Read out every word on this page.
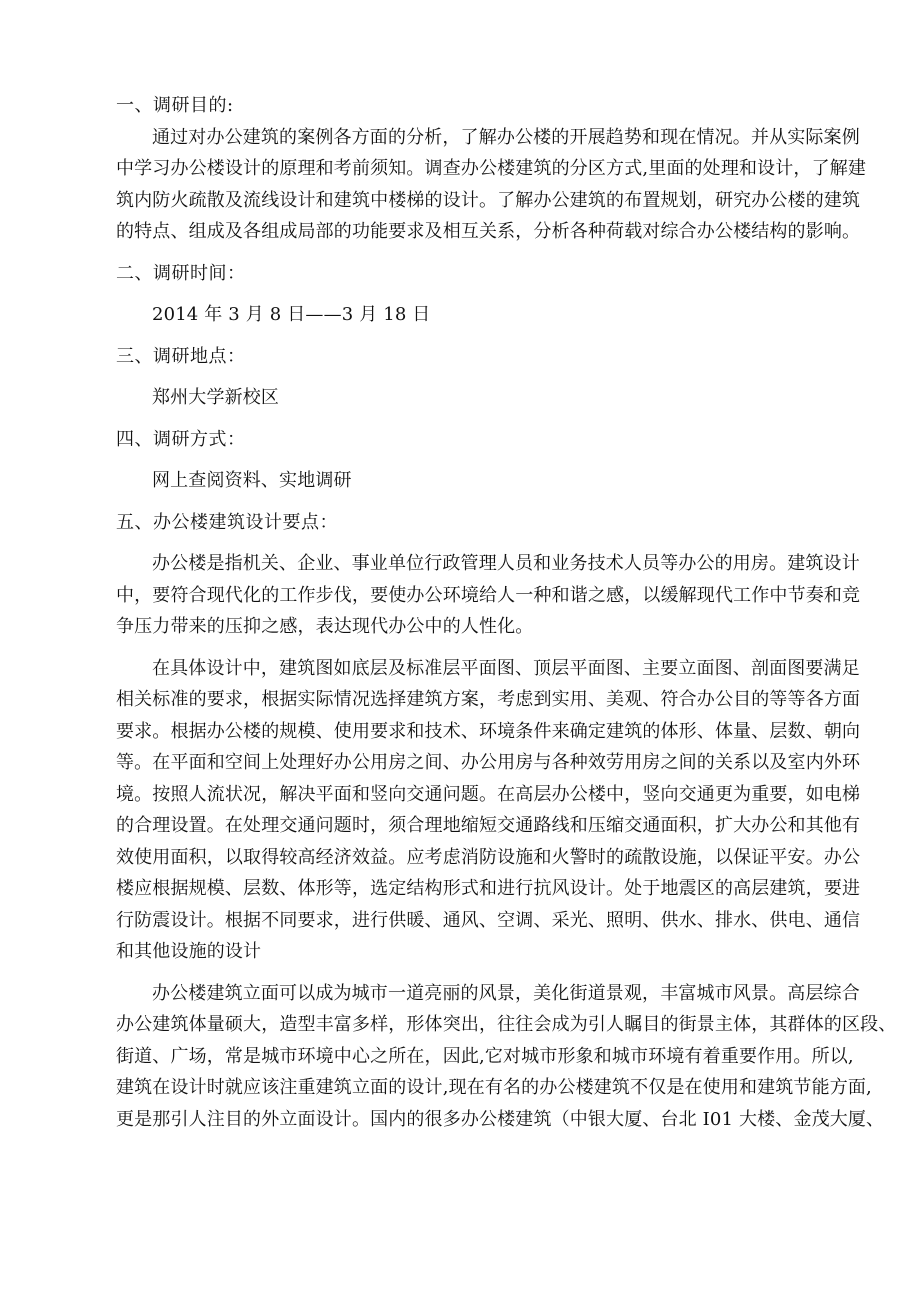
一、调研目的:
通过对办公建筑的案例各方面的分析，了解办公楼的开展趋势和现在情况。并从实际案例
中学习办公楼设计的原理和考前须知。调查办公楼建筑的分区方式,里面的处理和设计，了解建
筑内防火疏散及流线设计和建筑中楼梯的设计。了解办公建筑的布置规划，研究办公楼的建筑
的特点、组成及各组成局部的功能要求及相互关系，分析各种荷载对综合办公楼结构的影响。
二、调研时间：
2014 年 3 月 8 日——3 月 18 日
三、调研地点：
郑州大学新校区
四、调研方式：
网上查阅资料、实地调研
五、办公楼建筑设计要点：
办公楼是指机关、企业、事业单位行政管理人员和业务技术人员等办公的用房。建筑设计
中，要符合现代化的工作步伐，要使办公环境给人一种和谐之感，以缓解现代工作中节奏和竞
争压力带来的压抑之感，表达现代办公中的人性化。
在具体设计中，建筑图如底层及标准层平面图、顶层平面图、主要立面图、剖面图要满足
相关标准的要求，根据实际情况选择建筑方案，考虑到实用、美观、符合办公目的等等各方面
要求。根据办公楼的规模、使用要求和技术、环境条件来确定建筑的体形、体量、层数、朝向
等。在平面和空间上处理好办公用房之间、办公用房与各种效劳用房之间的关系以及室内外环
境。按照人流状况，解决平面和竖向交通问题。在高层办公楼中，竖向交通更为重要，如电梯
的合理设置。在处理交通问题时，须合理地缩短交通路线和压缩交通面积，扩大办公和其他有
效使用面积，以取得较高经济效益。应考虑消防设施和火警时的疏散设施，以保证平安。办公
楼应根据规模、层数、体形等，选定结构形式和进行抗风设计。处于地震区的高层建筑，要进
行防震设计。根据不同要求，进行供暖、通风、空调、采光、照明、供水、排水、供电、通信
和其他设施的设计
办公楼建筑立面可以成为城市一道亮丽的风景，美化街道景观，丰富城市风景。高层综合
办公建筑体量硕大，造型丰富多样，形体突出，往往会成为引人瞩目的街景主体，其群体的区段、
街道、广场，常是城市环境中心之所在，因此,它对城市形象和城市环境有着重要作用。所以,
建筑在设计时就应该注重建筑立面的设计,现在有名的办公楼建筑不仅是在使用和建筑节能方面,
更是那引人注目的外立面设计。国内的很多办公楼建筑（中银大厦、台北 I01 大楼、金茂大厦、
